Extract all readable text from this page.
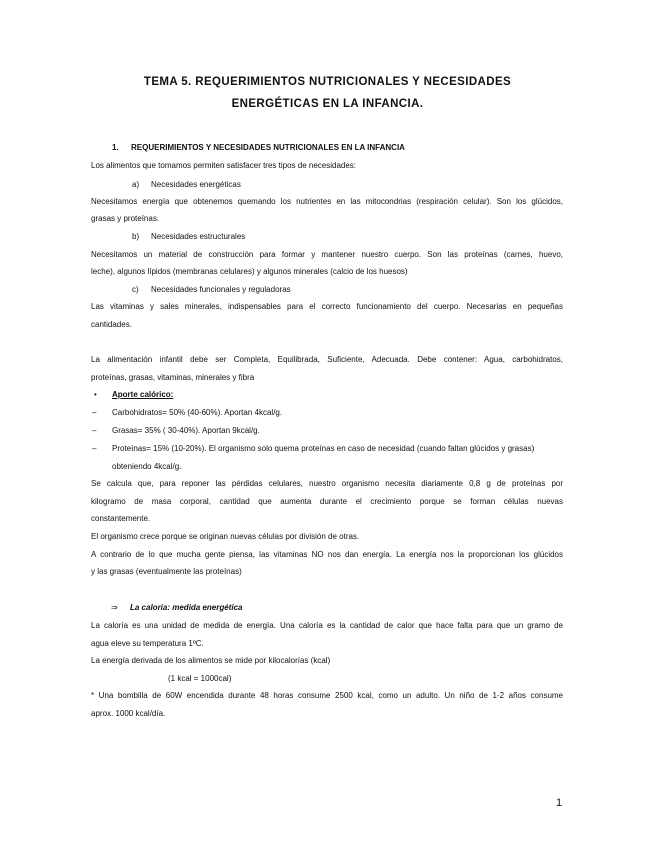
TEMA 5. REQUERIMIENTOS NUTRICIONALES Y NECESIDADES
ENERGÉTICAS EN LA INFANCIA.
1. REQUERIMIENTOS Y NECESIDADES NUTRICIONALES EN LA INFANCIA
Los alimentos que tomamos permiten satisfacer tres tipos de necesidades:
a) Necesidades energéticas
Necesitamos energía que obtenemos quemando los nutrientes en las mitocondrias (respiración celular). Son los glúcidos,
grasas y proteínas.
b) Necesidades estructurales
Necesitamos un material de construcción para formar y mantener nuestro cuerpo. Son las proteínas (carnes, huevo,
leche), algunos lípidos (membranas celulares) y algunos minerales (calcio de los huesos)
c) Necesidades funcionales y reguladoras
Las vitaminas y sales minerales, indispensables para el correcto funcionamiento del cuerpo. Necesarias en pequeñas
cantidades.
La alimentación infantil debe ser Completa, Equilibrada, Suficiente, Adecuada. Debe contener: Agua, carbohidratos,
proteínas, grasas, vitaminas, minerales y fibra
• Aporte calórico:
– Carbohidratos= 50% (40-60%). Aportan 4kcal/g.
– Grasas= 35% ( 30-40%). Aportan 9kcal/g.
– Proteínas= 15% (10-20%). El organismo solo quema proteínas en caso de necesidad (cuando faltan glúcidos y grasas)
obteniendo 4kcal/g.
Se calcula que, para reponer las pérdidas celulares, nuestro organismo necesita diariamente 0,8 g de proteínas por
kilogramo de masa corporal, cantidad que aumenta durante el crecimiento porque se forman células nuevas
constantemente.
El organismo crece porque se originan nuevas células por división de otras.
A contrario de lo que mucha gente piensa, las vitaminas NO nos dan energía. La energía nos la proporcionan los glúcidos
y las grasas (eventualmente las proteínas)
⇒ La caloría: medida energética
La caloría es una unidad de medida de energía. Una caloría es la cantidad de calor que hace falta para que un gramo de
agua eleve su temperatura 1ºC.
La energía derivada de los alimentos se mide por kilocalorías (kcal)
(1 kcal = 1000cal)
* Una bombilla de 60W encendida durante 48 horas consume 2500 kcal, como un adulto. Un niño de 1-2 años consume
aprox. 1000 kcal/día.
1
